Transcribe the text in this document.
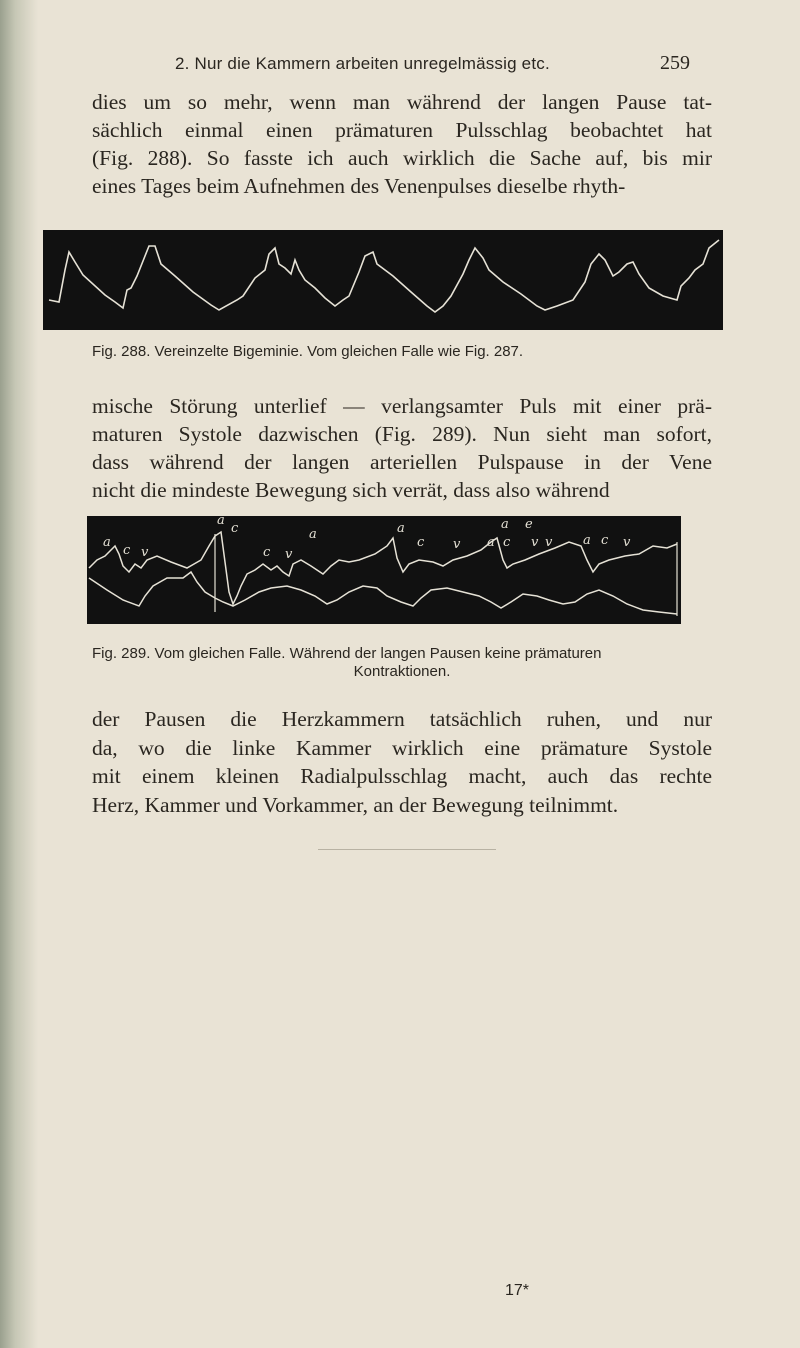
2. Nur die Kammern arbeiten unregelmässig etc.	259

dies um so mehr, wenn man während der langen Pause tat-
sächlich einmal einen prämaturen Pulsschlag beobachtet hat
(Fig. 288). So fasste ich auch wirklich die Sache auf, bis mir
eines Tages beim Aufnehmen des Venenpulses dieselbe rhyth-

Fig. 288. Vereinzelte Bigeminie. Vom gleichen Falle wie Fig. 287.

mische Störung unterlief — verlangsamter Puls mit einer prä-
maturen Systole dazwischen (Fig. 289). Nun sieht man sofort,
dass während der langen arteriellen Pulspause in der Vene
nicht die mindeste Bewegung sich verrät, dass also während

a
c v
a
c	a
c v
a
c v
a
c v
a
e
v a c v
Fig. 289. Vom gleichen Falle. Während der langen Pausen keine prämaturen
Kontraktionen.

der Pausen die Herzkammern tatsächlich ruhen, und nur
da, wo die linke Kammer wirklich eine prämature Systole
mit einem kleinen Radialpulsschlag macht, auch das rechte
Herz, Kammer und Vorkammer, an der Bewegung teilnimmt.

17*
